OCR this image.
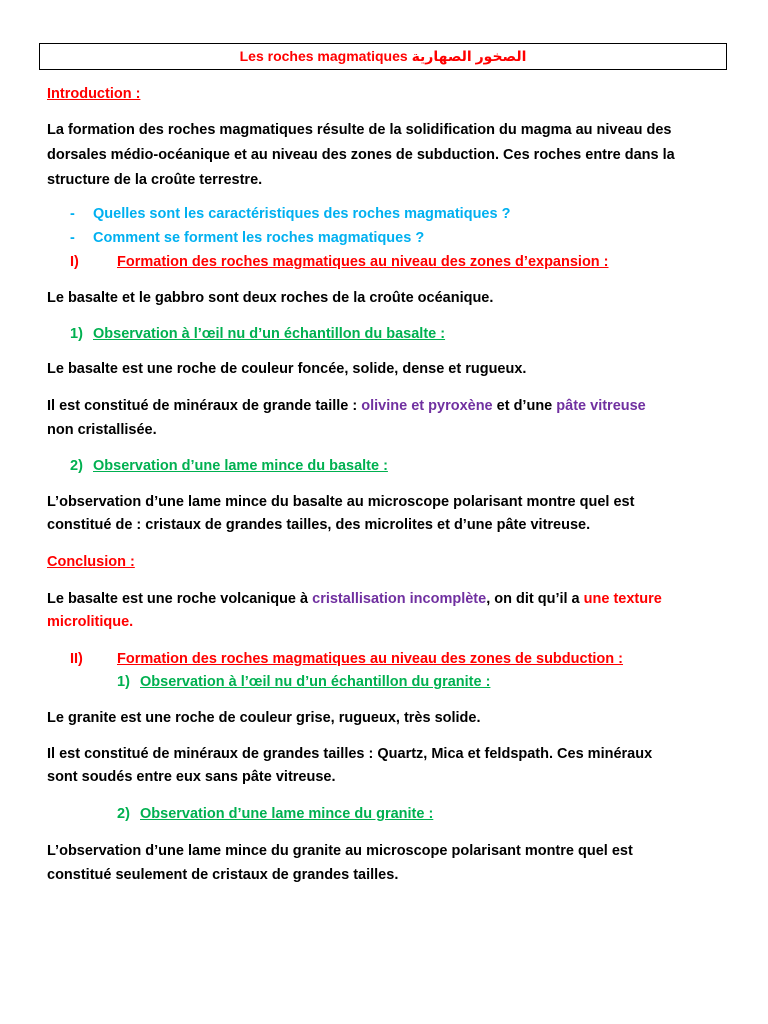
Les roches magmatiques الصخور الصهارية
Introduction :
La formation des roches magmatiques résulte de la solidification du magma au niveau des
dorsales médio-océanique et au niveau des zones de subduction. Ces roches entre dans la
structure de la croûte terrestre.
- Quelles sont les caractéristiques des roches magmatiques ?
- Comment se forment les roches magmatiques ?
I)	Formation des roches magmatiques au niveau des zones d’expansion :
Le basalte et le gabbro sont deux roches de la croûte océanique.
1) Observation à l’œil nu d’un échantillon du basalte :
Le basalte est une roche de couleur foncée, solide, dense et rugueux.
Il est constitué de minéraux de grande taille : olivine et pyroxène et d’une pâte vitreuse
non cristallisée.
2) Observation d’une lame mince du basalte :
L’observation d’une lame mince du basalte au microscope polarisant montre quel est
constitué de : cristaux de grandes tailles, des microlites et d’une pâte vitreuse.
Conclusion :
Le basalte est une roche volcanique à cristallisation incomplète, on dit qu’il a une texture
microlitique.
II) Formation des roches magmatiques au niveau des zones de subduction :
1) Observation à l’œil nu d’un échantillon du granite :
Le granite est une roche de couleur grise, rugueux, très solide.
Il est constitué de minéraux de grandes tailles : Quartz, Mica et feldspath. Ces minéraux
sont soudés entre eux sans pâte vitreuse.
2) Observation d’une lame mince du granite :
L’observation d’une lame mince du granite au microscope polarisant montre quel est
constitué seulement de cristaux de grandes tailles.
